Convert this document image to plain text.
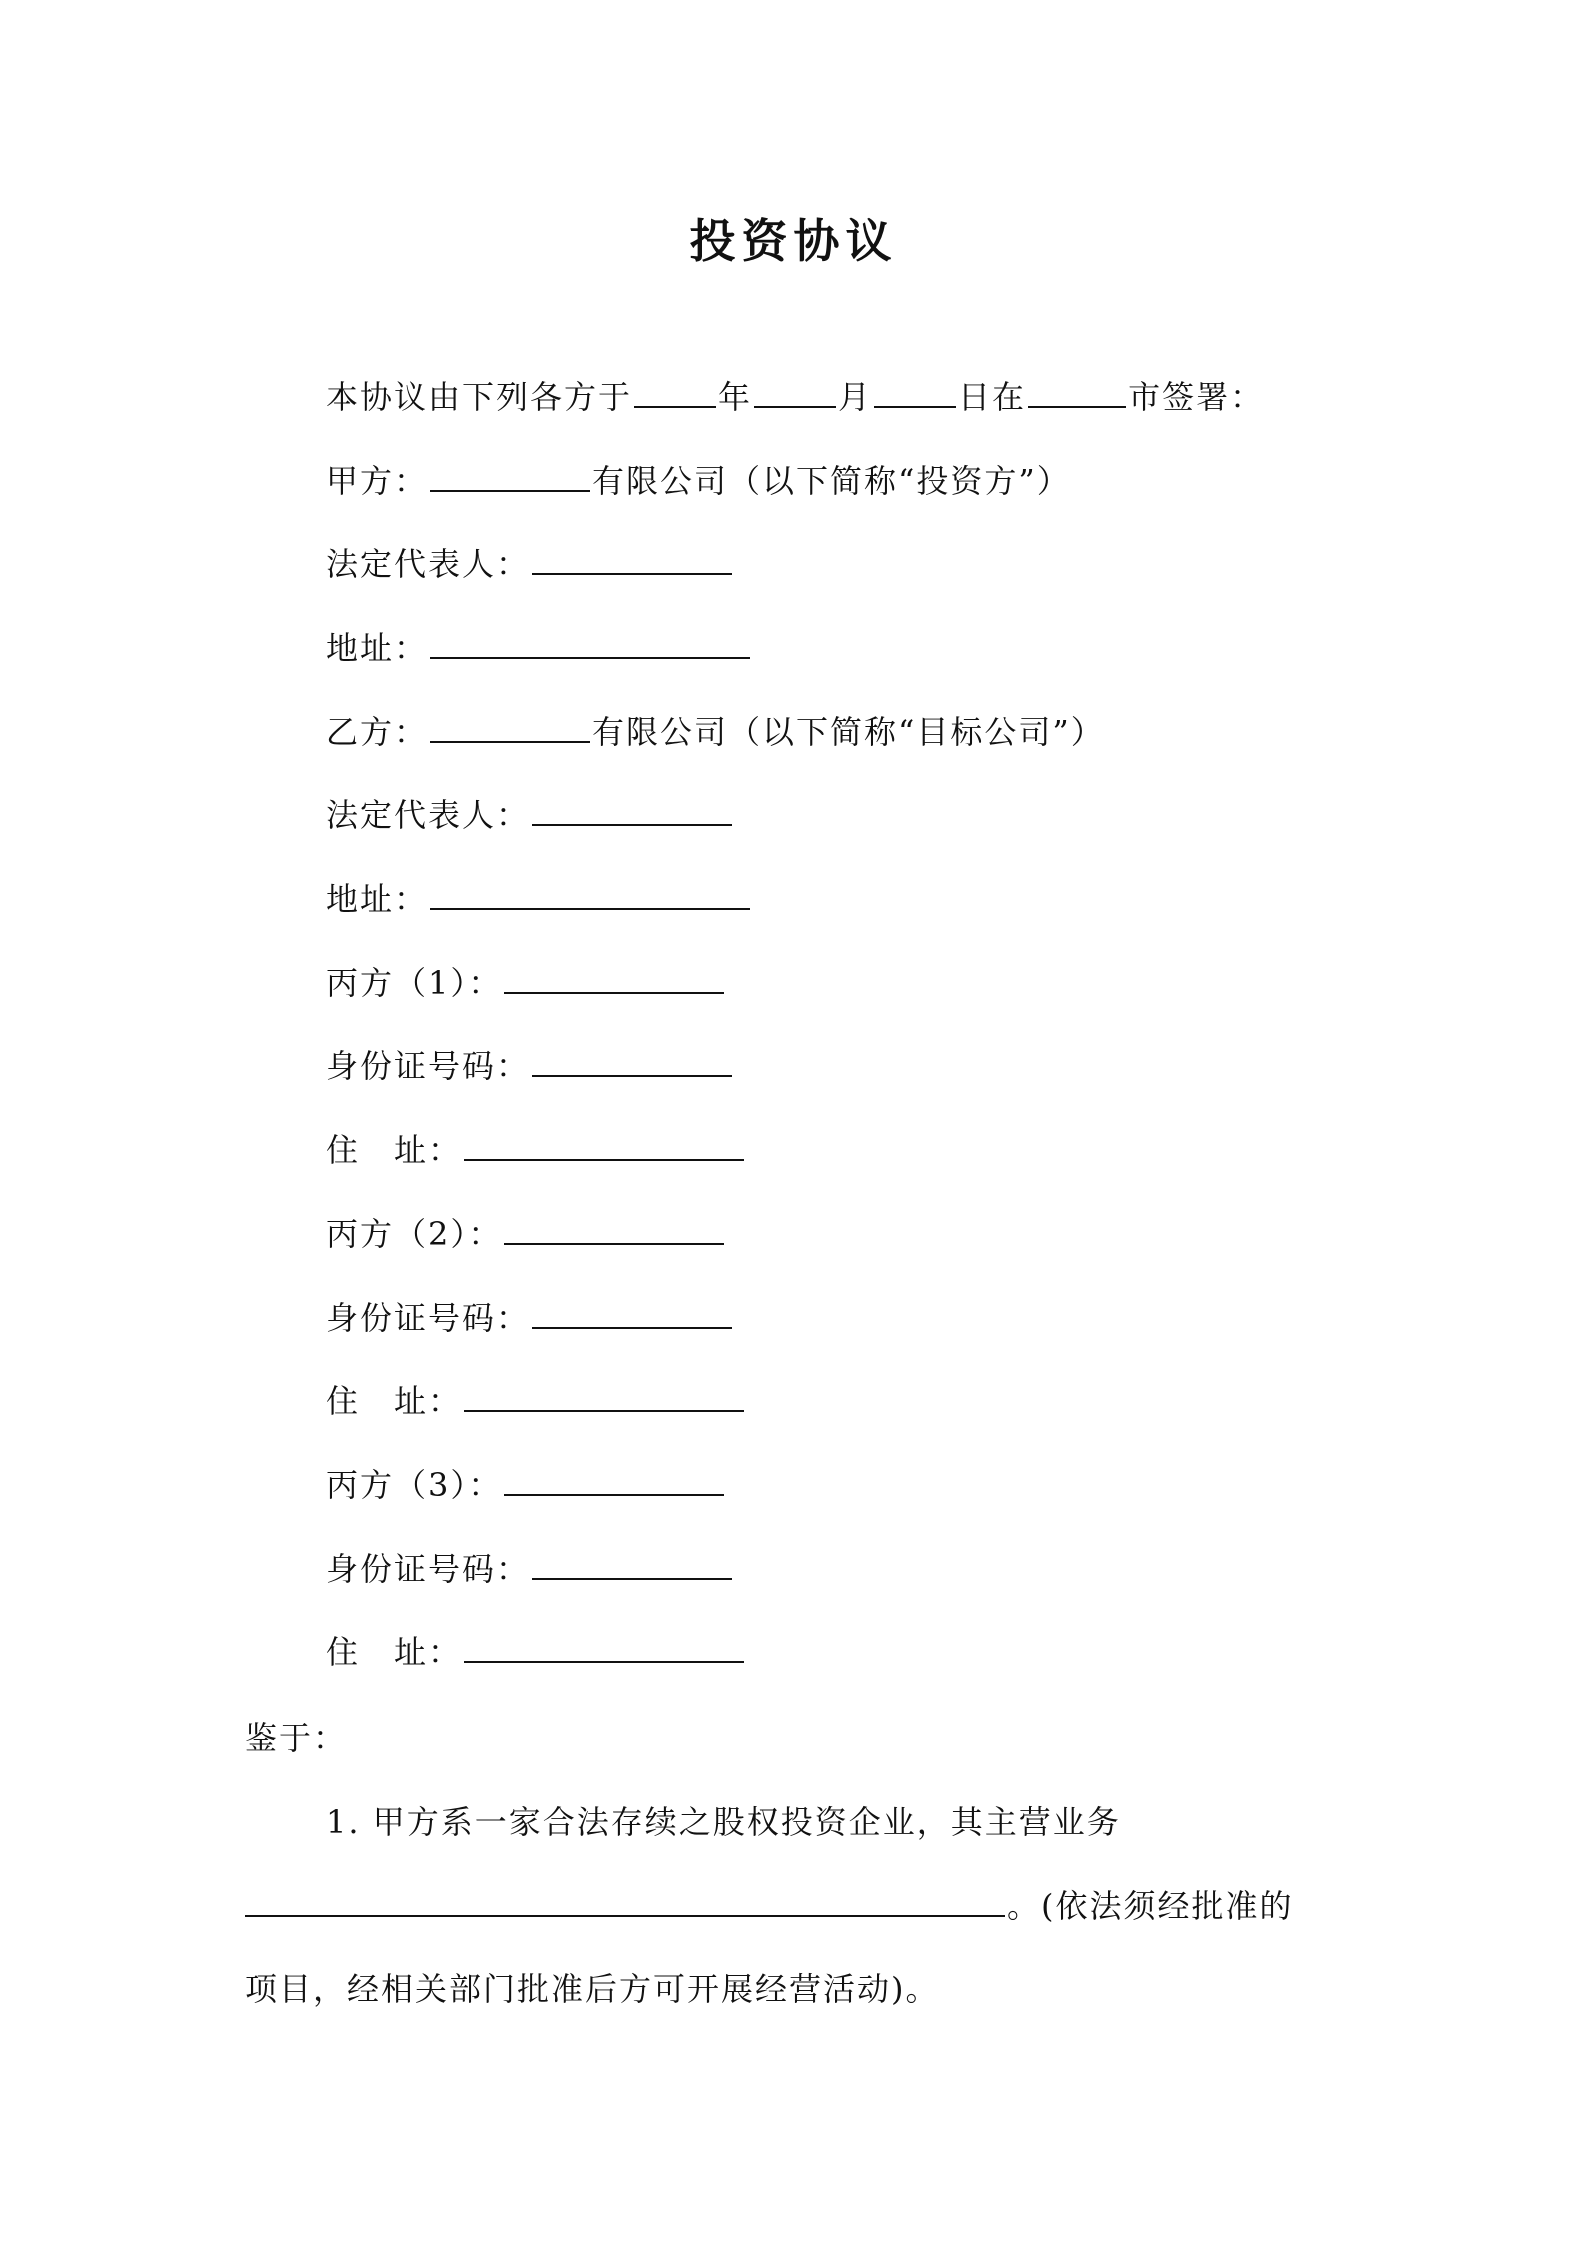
投资协议
本协议由下列各方于	年	月	日在	市签署：
甲方：	有限公司（以下简称“投资方”）
法定代表人：
地址：
乙方：	有限公司（以下简称“目标公司”）
法定代表人：
地址：
丙方（1）：
身份证号码：
住　址：
丙方（2）：
身份证号码：
住　址：
丙方（3）：
身份证号码：
住　址：
鉴于：
1. 甲方系一家合法存续之股权投资企业，其主营业务
。(依法须经批准的
项目，经相关部门批准后方可开展经营活动)。
